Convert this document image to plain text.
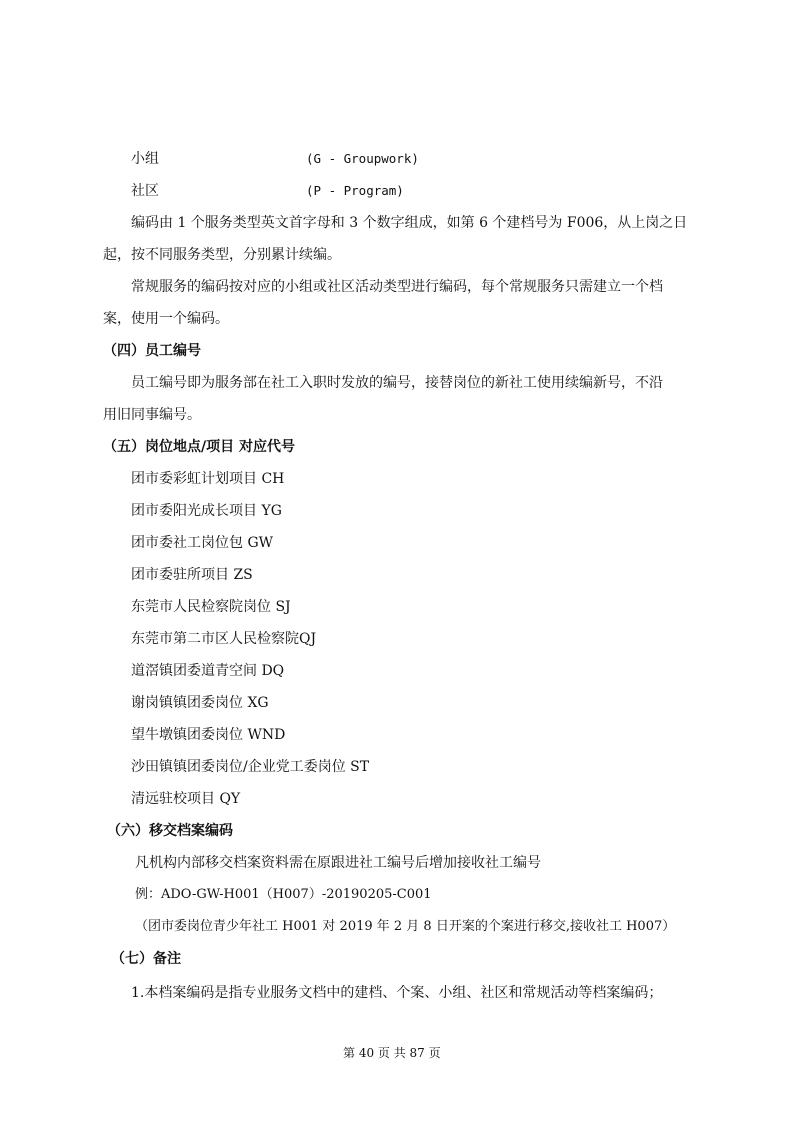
小组	(G - Groupwork)
社区	(P - Program)
编码由 1 个服务类型英文首字母和 3 个数字组成，如第 6 个建档号为 F006，从上岗之日
起，按不同服务类型，分别累计续编。
常规服务的编码按对应的小组或社区活动类型进行编码，每个常规服务只需建立一个档
案，使用一个编码。
（四）员工编号
员工编号即为服务部在社工入职时发放的编号，接替岗位的新社工使用续编新号，不沿
用旧同事编号。
（五）岗位地点/项目 对应代号
团市委彩虹计划项目 CH
团市委阳光成长项目 YG
团市委社工岗位包 GW
团市委驻所项目 ZS
东莞市人民检察院岗位 SJ
东莞市第二市区人民检察院QJ
道滘镇团委道青空间 DQ
谢岗镇镇团委岗位 XG
望牛墩镇团委岗位 WND
沙田镇镇团委岗位/企业党工委岗位 ST
清远驻校项目 QY
（六）移交档案编码
凡机构内部移交档案资料需在原跟进社工编号后增加接收社工编号
例：ADO-GW-H001（H007）-20190205-C001
（团市委岗位青少年社工 H001 对 2019 年 2 月 8 日开案的个案进行移交,接收社工 H007）
（七）备注
1.本档案编码是指专业服务文档中的建档、个案、小组、社区和常规活动等档案编码；
第 40 页 共 87 页
